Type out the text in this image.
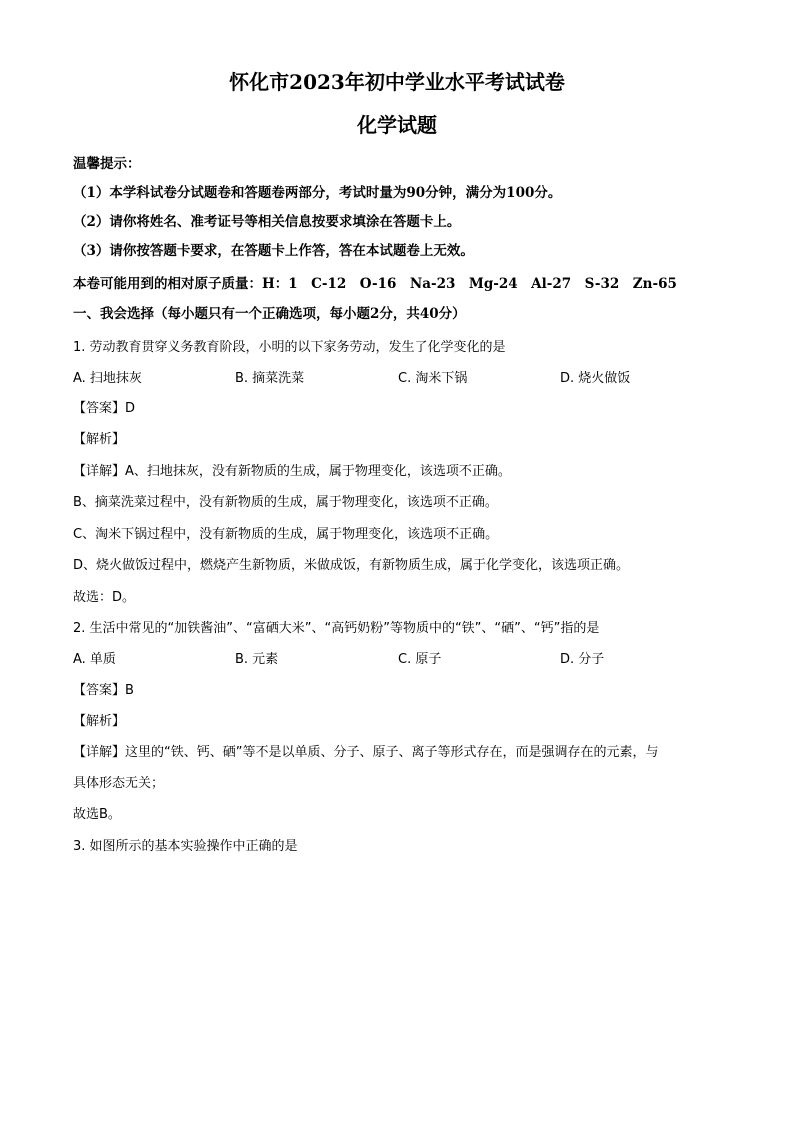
怀化市2023年初中学业水平考试试卷
化学试题
温馨提示：
（1）本学科试卷分试题卷和答题卷两部分，考试时量为90分钟，满分为100分。
（2）请你将姓名、准考证号等相关信息按要求填涂在答题卡上。
（3）请你按答题卡要求，在答题卡上作答，答在本试题卷上无效。
本卷可能用到的相对原子质量：H：1　C-12　O-16　Na-23　Mg-24　Al-27　S-32　Zn-65
一、我会选择（每小题只有一个正确选项，每小题2分，共40分）
1. 劳动教育贯穿义务教育阶段，小明的以下家务劳动，发生了化学变化的是
A. 扫地抹灰	B. 摘菜洗菜	C. 淘米下锅	D. 烧火做饭
【答案】D
【解析】
【详解】A、扫地抹灰，没有新物质的生成，属于物理变化，该选项不正确。
B、摘菜洗菜过程中，没有新物质的生成，属于物理变化，该选项不正确。
C、淘米下锅过程中，没有新物质的生成，属于物理变化，该选项不正确。
D、烧火做饭过程中，燃烧产生新物质，米做成饭，有新物质生成，属于化学变化，该选项正确。
故选：D。
2. 生活中常见的“加铁酱油”、“富硒大米”、“高钙奶粉”等物质中的“铁”、“硒”、“钙”指的是
A. 单质	B. 元素	C. 原子	D. 分子
【答案】B
【解析】
【详解】这里的“铁、钙、硒”等不是以单质、分子、原子、离子等形式存在，而是强调存在的元素，与
具体形态无关；
故选B。
3. 如图所示的基本实验操作中正确的是
